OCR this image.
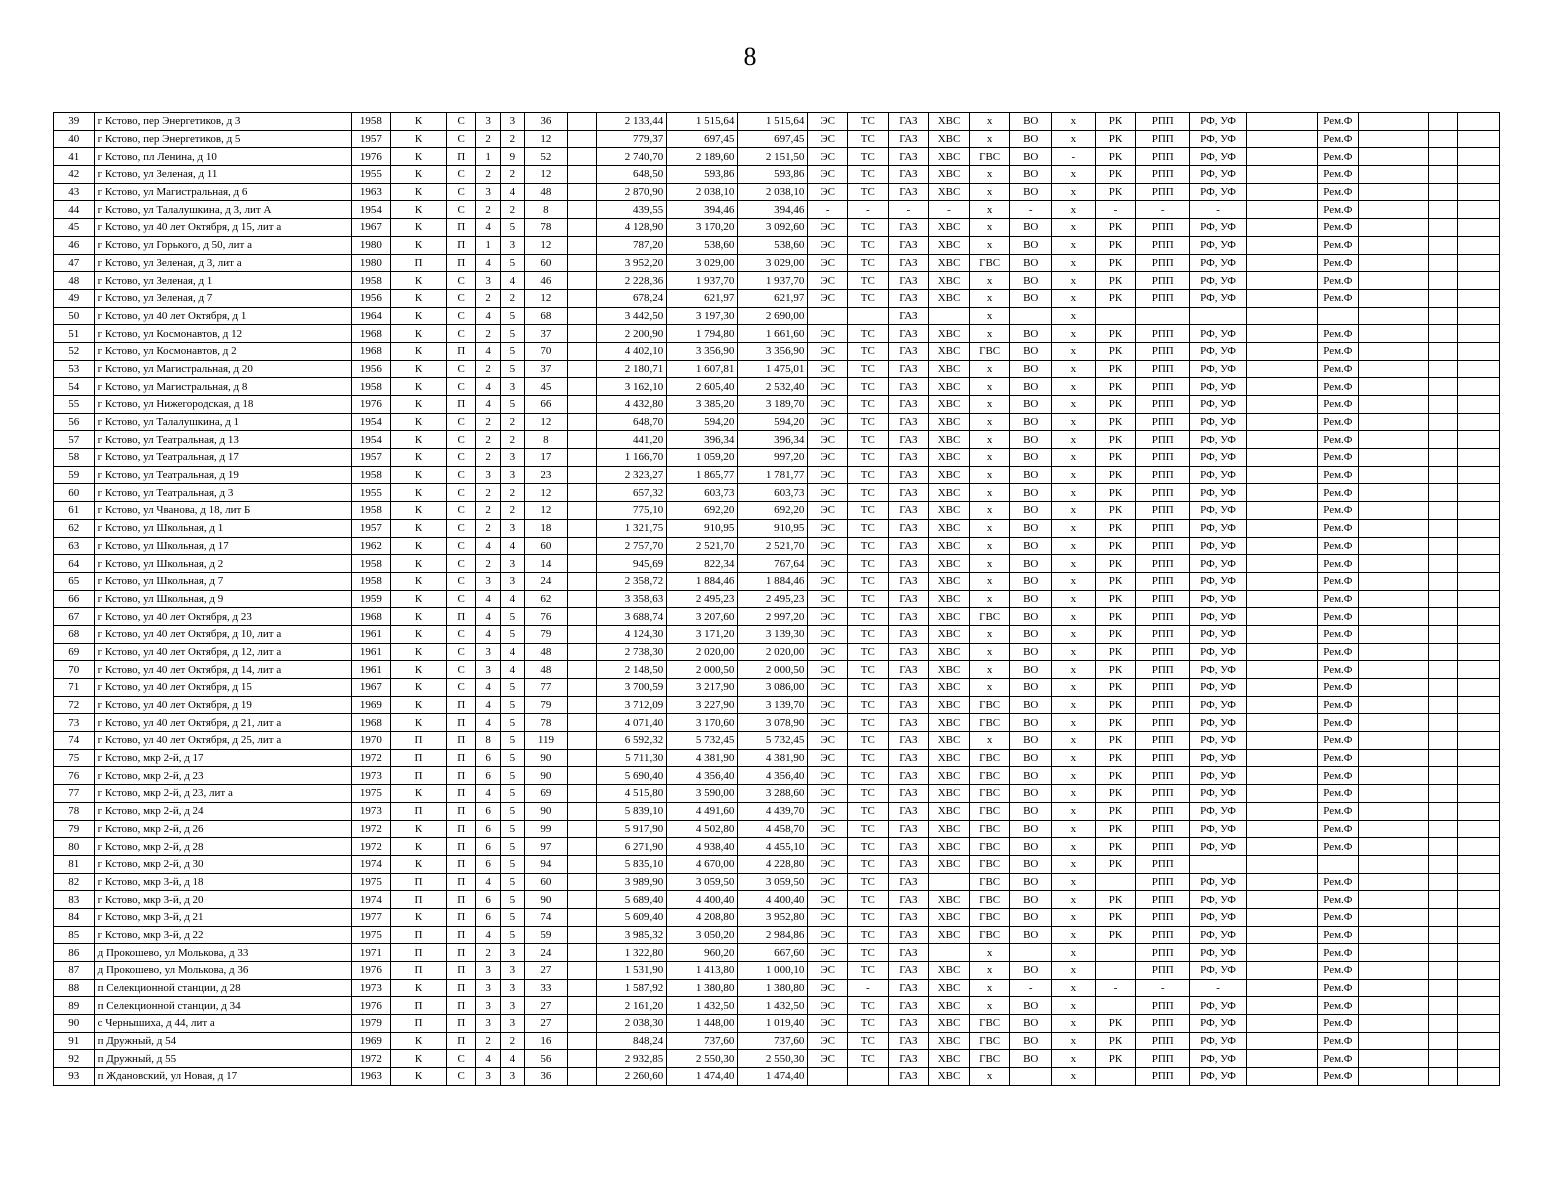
8
39	г Кстово, пер Энергетиков, д 3	1958	К	С	3	3	36		2 133,44	1 515,64	1 515,64	ЭС	ТС	ГАЗ	ХВС	х	ВО	х	РК	РПП	РФ, УФ		Рем.Ф			
40	г Кстово, пер Энергетиков, д 5	1957	К	С	2	2	12		779,37	697,45	697,45	ЭС	ТС	ГАЗ	ХВС	х	ВО	х	РК	РПП	РФ, УФ		Рем.Ф			
41	г Кстово, пл Ленина, д 10	1976	К	П	1	9	52		2 740,70	2 189,60	2 151,50	ЭС	ТС	ГАЗ	ХВС	ГВС	ВО	-	РК	РПП	РФ, УФ		Рем.Ф			
42	г Кстово, ул Зеленая, д 11	1955	К	С	2	2	12		648,50	593,86	593,86	ЭС	ТС	ГАЗ	ХВС	х	ВО	х	РК	РПП	РФ, УФ		Рем.Ф			
43	г Кстово, ул Магистральная, д 6	1963	К	С	3	4	48		2 870,90	2 038,10	2 038,10	ЭС	ТС	ГАЗ	ХВС	х	ВО	х	РК	РПП	РФ, УФ		Рем.Ф			
44	г Кстово, ул Талалушкина, д 3, лит А	1954	К	С	2	2	8		439,55	394,46	394,46	-	-	-	-	х	-	х	-	-	-		Рем.Ф			
45	г Кстово, ул 40 лет Октября, д 15, лит а	1967	К	П	4	5	78		4 128,90	3 170,20	3 092,60	ЭС	ТС	ГАЗ	ХВС	х	ВО	х	РК	РПП	РФ, УФ		Рем.Ф			
46	г Кстово, ул Горького, д 50, лит а	1980	К	П	1	3	12		787,20	538,60	538,60	ЭС	ТС	ГАЗ	ХВС	х	ВО	х	РК	РПП	РФ, УФ		Рем.Ф			
47	г Кстово, ул Зеленая, д 3, лит а	1980	П	П	4	5	60		3 952,20	3 029,00	3 029,00	ЭС	ТС	ГАЗ	ХВС	ГВС	ВО	х	РК	РПП	РФ, УФ		Рем.Ф			
48	г Кстово, ул Зеленая, д 1	1958	К	С	3	4	46		2 228,36	1 937,70	1 937,70	ЭС	ТС	ГАЗ	ХВС	х	ВО	х	РК	РПП	РФ, УФ		Рем.Ф			
49	г Кстово, ул Зеленая, д 7	1956	К	С	2	2	12		678,24	621,97	621,97	ЭС	ТС	ГАЗ	ХВС	х	ВО	х	РК	РПП	РФ, УФ		Рем.Ф			
50	г Кстово, ул 40 лет Октября, д 1	1964	К	С	4	5	68		3 442,50	3 197,30	2 690,00			ГАЗ		х		х								
51	г Кстово, ул Космонавтов, д 12	1968	К	С	2	5	37		2 200,90	1 794,80	1 661,60	ЭС	ТС	ГАЗ	ХВС	х	ВО	х	РК	РПП	РФ, УФ		Рем.Ф			
52	г Кстово, ул Космонавтов, д 2	1968	К	П	4	5	70		4 402,10	3 356,90	3 356,90	ЭС	ТС	ГАЗ	ХВС	ГВС	ВО	х	РК	РПП	РФ, УФ		Рем.Ф			
53	г Кстово, ул Магистральная, д 20	1956	К	С	2	5	37		2 180,71	1 607,81	1 475,01	ЭС	ТС	ГАЗ	ХВС	х	ВО	х	РК	РПП	РФ, УФ		Рем.Ф			
54	г Кстово, ул Магистральная, д 8	1958	К	С	4	3	45		3 162,10	2 605,40	2 532,40	ЭС	ТС	ГАЗ	ХВС	х	ВО	х	РК	РПП	РФ, УФ		Рем.Ф			
55	г Кстово, ул Нижегородская, д 18	1976	К	П	4	5	66		4 432,80	3 385,20	3 189,70	ЭС	ТС	ГАЗ	ХВС	х	ВО	х	РК	РПП	РФ, УФ		Рем.Ф			
56	г Кстово, ул Талалушкина, д 1	1954	К	С	2	2	12		648,70	594,20	594,20	ЭС	ТС	ГАЗ	ХВС	х	ВО	х	РК	РПП	РФ, УФ		Рем.Ф			
57	г Кстово, ул Театральная, д 13	1954	К	С	2	2	8		441,20	396,34	396,34	ЭС	ТС	ГАЗ	ХВС	х	ВО	х	РК	РПП	РФ, УФ		Рем.Ф			
58	г Кстово, ул Театральная, д 17	1957	К	С	2	3	17		1 166,70	1 059,20	997,20	ЭС	ТС	ГАЗ	ХВС	х	ВО	х	РК	РПП	РФ, УФ		Рем.Ф			
59	г Кстово, ул Театральная, д 19	1958	К	С	3	3	23		2 323,27	1 865,77	1 781,77	ЭС	ТС	ГАЗ	ХВС	х	ВО	х	РК	РПП	РФ, УФ		Рем.Ф			
60	г Кстово, ул Театральная, д 3	1955	К	С	2	2	12		657,32	603,73	603,73	ЭС	ТС	ГАЗ	ХВС	х	ВО	х	РК	РПП	РФ, УФ		Рем.Ф			
61	г Кстово, ул Чванова, д 18, лит Б	1958	К	С	2	2	12		775,10	692,20	692,20	ЭС	ТС	ГАЗ	ХВС	х	ВО	х	РК	РПП	РФ, УФ		Рем.Ф			
62	г Кстово, ул Школьная, д 1	1957	К	С	2	3	18		1 321,75	910,95	910,95	ЭС	ТС	ГАЗ	ХВС	х	ВО	х	РК	РПП	РФ, УФ		Рем.Ф			
63	г Кстово, ул Школьная, д 17	1962	К	С	4	4	60		2 757,70	2 521,70	2 521,70	ЭС	ТС	ГАЗ	ХВС	х	ВО	х	РК	РПП	РФ, УФ		Рем.Ф			
64	г Кстово, ул Школьная, д 2	1958	К	С	2	3	14		945,69	822,34	767,64	ЭС	ТС	ГАЗ	ХВС	х	ВО	х	РК	РПП	РФ, УФ		Рем.Ф			
65	г Кстово, ул Школьная, д 7	1958	К	С	3	3	24		2 358,72	1 884,46	1 884,46	ЭС	ТС	ГАЗ	ХВС	х	ВО	х	РК	РПП	РФ, УФ		Рем.Ф			
66	г Кстово, ул Школьная, д 9	1959	К	С	4	4	62		3 358,63	2 495,23	2 495,23	ЭС	ТС	ГАЗ	ХВС	х	ВО	х	РК	РПП	РФ, УФ		Рем.Ф			
67	г Кстово, ул 40 лет Октября, д 23	1968	К	П	4	5	76		3 688,74	3 207,60	2 997,20	ЭС	ТС	ГАЗ	ХВС	ГВС	ВО	х	РК	РПП	РФ, УФ		Рем.Ф			
68	г Кстово, ул 40 лет Октября, д 10, лит а	1961	К	С	4	5	79		4 124,30	3 171,20	3 139,30	ЭС	ТС	ГАЗ	ХВС	х	ВО	х	РК	РПП	РФ, УФ		Рем.Ф			
69	г Кстово, ул 40 лет Октября, д 12, лит а	1961	К	С	3	4	48		2 738,30	2 020,00	2 020,00	ЭС	ТС	ГАЗ	ХВС	х	ВО	х	РК	РПП	РФ, УФ		Рем.Ф			
70	г Кстово, ул 40 лет Октября, д 14, лит а	1961	К	С	3	4	48		2 148,50	2 000,50	2 000,50	ЭС	ТС	ГАЗ	ХВС	х	ВО	х	РК	РПП	РФ, УФ		Рем.Ф			
71	г Кстово, ул 40 лет Октября, д 15	1967	К	С	4	5	77		3 700,59	3 217,90	3 086,00	ЭС	ТС	ГАЗ	ХВС	х	ВО	х	РК	РПП	РФ, УФ		Рем.Ф			
72	г Кстово, ул 40 лет Октября, д 19	1969	К	П	4	5	79		3 712,09	3 227,90	3 139,70	ЭС	ТС	ГАЗ	ХВС	ГВС	ВО	х	РК	РПП	РФ, УФ		Рем.Ф			
73	г Кстово, ул 40 лет Октября, д 21, лит а	1968	К	П	4	5	78		4 071,40	3 170,60	3 078,90	ЭС	ТС	ГАЗ	ХВС	ГВС	ВО	х	РК	РПП	РФ, УФ		Рем.Ф			
74	г Кстово, ул 40 лет Октября, д 25, лит а	1970	П	П	8	5	119		6 592,32	5 732,45	5 732,45	ЭС	ТС	ГАЗ	ХВС	х	ВО	х	РК	РПП	РФ, УФ		Рем.Ф			
75	г Кстово, мкр 2-й, д 17	1972	П	П	6	5	90		5 711,30	4 381,90	4 381,90	ЭС	ТС	ГАЗ	ХВС	ГВС	ВО	х	РК	РПП	РФ, УФ		Рем.Ф			
76	г Кстово, мкр 2-й, д 23	1973	П	П	6	5	90		5 690,40	4 356,40	4 356,40	ЭС	ТС	ГАЗ	ХВС	ГВС	ВО	х	РК	РПП	РФ, УФ		Рем.Ф			
77	г Кстово, мкр 2-й, д 23, лит а	1975	К	П	4	5	69		4 515,80	3 590,00	3 288,60	ЭС	ТС	ГАЗ	ХВС	ГВС	ВО	х	РК	РПП	РФ, УФ		Рем.Ф			
78	г Кстово, мкр 2-й, д 24	1973	П	П	6	5	90		5 839,10	4 491,60	4 439,70	ЭС	ТС	ГАЗ	ХВС	ГВС	ВО	х	РК	РПП	РФ, УФ		Рем.Ф			
79	г Кстово, мкр 2-й, д 26	1972	К	П	6	5	99		5 917,90	4 502,80	4 458,70	ЭС	ТС	ГАЗ	ХВС	ГВС	ВО	х	РК	РПП	РФ, УФ		Рем.Ф			
80	г Кстово, мкр 2-й, д 28	1972	К	П	6	5	97		6 271,90	4 938,40	4 455,10	ЭС	ТС	ГАЗ	ХВС	ГВС	ВО	х	РК	РПП	РФ, УФ		Рем.Ф			
81	г Кстово, мкр 2-й, д 30	1974	К	П	6	5	94		5 835,10	4 670,00	4 228,80	ЭС	ТС	ГАЗ	ХВС	ГВС	ВО	х	РК	РПП						
82	г Кстово, мкр 3-й, д 18	1975	П	П	4	5	60		3 989,90	3 059,50	3 059,50	ЭС	ТС	ГАЗ		ГВС	ВО	х		РПП	РФ, УФ		Рем.Ф			
83	г Кстово, мкр 3-й, д 20	1974	П	П	6	5	90		5 689,40	4 400,40	4 400,40	ЭС	ТС	ГАЗ	ХВС	ГВС	ВО	х	РК	РПП	РФ, УФ		Рем.Ф			
84	г Кстово, мкр 3-й, д 21	1977	К	П	6	5	74		5 609,40	4 208,80	3 952,80	ЭС	ТС	ГАЗ	ХВС	ГВС	ВО	х	РК	РПП	РФ, УФ		Рем.Ф			
85	г Кстово, мкр 3-й, д 22	1975	П	П	4	5	59		3 985,32	3 050,20	2 984,86	ЭС	ТС	ГАЗ	ХВС	ГВС	ВО	х	РК	РПП	РФ, УФ		Рем.Ф			
86	д Прокошево, ул Молькова, д 33	1971	П	П	2	3	24		1 322,80	960,20	667,60	ЭС	ТС	ГАЗ		х		х		РПП	РФ, УФ		Рем.Ф			
87	д Прокошево, ул Молькова, д 36	1976	П	П	3	3	27		1 531,90	1 413,80	1 000,10	ЭС	ТС	ГАЗ	ХВС	х	ВО	х		РПП	РФ, УФ		Рем.Ф			
88	п Селекционной станции, д 28	1973	К	П	3	3	33		1 587,92	1 380,80	1 380,80	ЭС	-	ГАЗ	ХВС	х	-	х	-	-	-		Рем.Ф			
89	п Селекционной станции, д 34	1976	П	П	3	3	27		2 161,20	1 432,50	1 432,50	ЭС	ТС	ГАЗ	ХВС	х	ВО	х		РПП	РФ, УФ		Рем.Ф			
90	с Чернышиха, д 44, лит а	1979	П	П	3	3	27		2 038,30	1 448,00	1 019,40	ЭС	ТС	ГАЗ	ХВС	ГВС	ВО	х	РК	РПП	РФ, УФ		Рем.Ф			
91	п Дружный, д 54	1969	К	П	2	2	16		848,24	737,60	737,60	ЭС	ТС	ГАЗ	ХВС	ГВС	ВО	х	РК	РПП	РФ, УФ		Рем.Ф			
92	п Дружный, д 55	1972	К	С	4	4	56		2 932,85	2 550,30	2 550,30	ЭС	ТС	ГАЗ	ХВС	ГВС	ВО	х	РК	РПП	РФ, УФ		Рем.Ф			
93	п Ждановский, ул Новая, д 17	1963	К	С	3	3	36		2 260,60	1 474,40	1 474,40			ГАЗ	ХВС	х		х		РПП	РФ, УФ		Рем.Ф			
